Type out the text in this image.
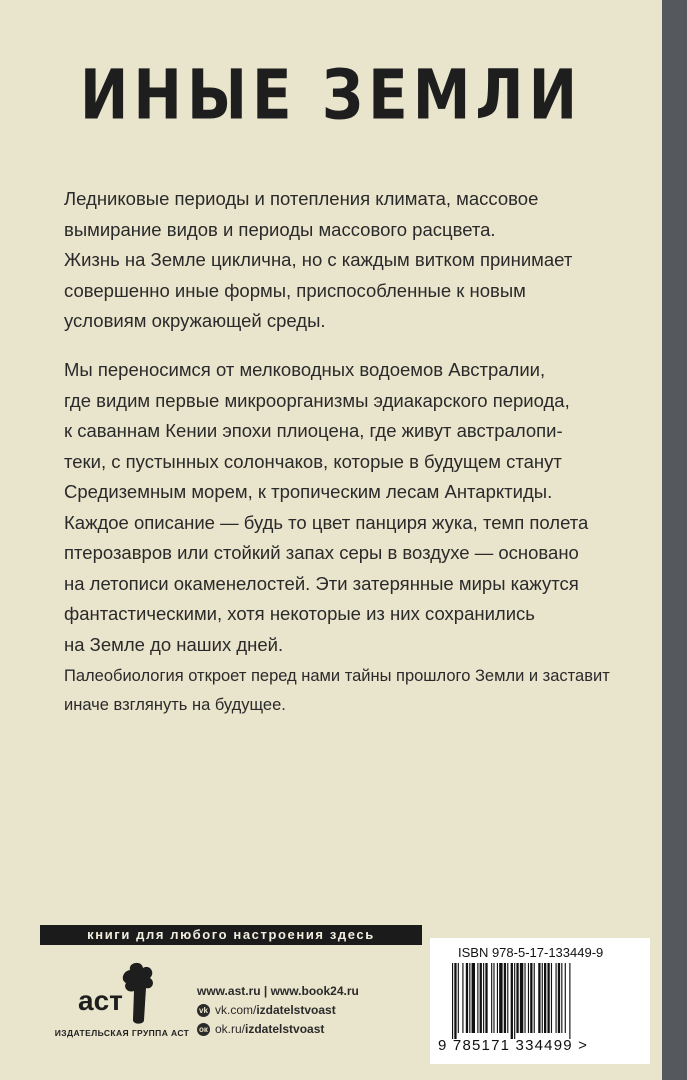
ИНЫЕ ЗЕМЛИ
Ледниковые периоды и потепления климата, массовое
вымирание видов и периоды массового расцвета.
Жизнь на Земле циклична, но с каждым витком принимает
совершенно иные формы, приспособленные к новым
условиям окружающей среды.
Мы переносимся от мелководных водоемов Австралии,
где видим первые микроорганизмы эдиакарского периода,
к саваннам Кении эпохи плиоцена, где живут австралопи-
теки, с пустынных солончаков, которые в будущем станут
Средиземным морем, к тропическим лесам Антарктиды.
Каждое описание — будь то цвет панциря жука, темп полета
птерозавров или стойкий запах серы в воздухе — основано
на летописи окаменелостей. Эти затерянные миры кажутся
фантастическими, хотя некоторые из них сохранились
на Земле до наших дней.
Палеобиология откроет перед нами тайны прошлого Земли и заставит
иначе взглянуть на будущее.
книги для любого настроения здесь
аст
ИЗДАТЕЛЬСКАЯ ГРУППА АСТ
www.ast.ru | www.book24.ru
vk vk.com/ izdatelstvoast
ок ok.ru/ izdatelstvoast
ISBN 978-5-17-133449-9
9 785171 334499 >
